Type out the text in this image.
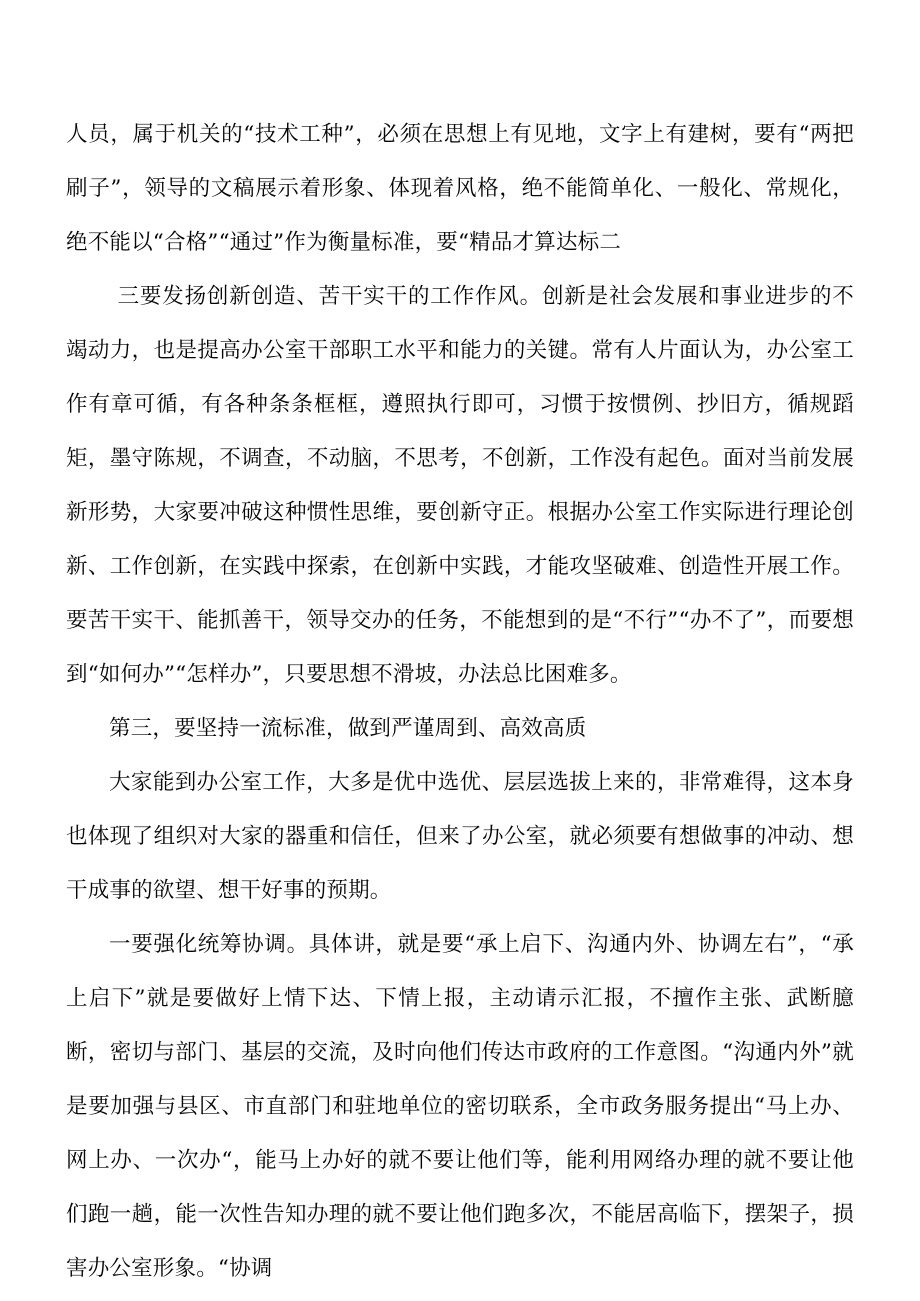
人员，属于机关的“技术工种”，必须在思想上有见地，文字上有建树，要有“两把刷子”，领导的文稿展示着形象、体现着风格，绝不能简单化、一般化、常规化，绝不能以“合格”“通过”作为衡量标准，要“精品才算达标二

三要发扬创新创造、苦干实干的工作作风。创新是社会发展和事业进步的不竭动力，也是提高办公室干部职工水平和能力的关键。常有人片面认为，办公室工作有章可循，有各种条条框框，遵照执行即可，习惯于按惯例、抄旧方，循规蹈矩，墨守陈规，不调查，不动脑，不思考，不创新，工作没有起色。面对当前发展新形势，大家要冲破这种惯性思维，要创新守正。根据办公室工作实际进行理论创新、工作创新，在实践中探索，在创新中实践，才能攻坚破难、创造性开展工作。要苦干实干、能抓善干，领导交办的任务，不能想到的是“不行”“办不了”，而要想到“如何办”“怎样办”，只要思想不滑坡，办法总比困难多。

第三，要坚持一流标准，做到严谨周到、高效高质

大家能到办公室工作，大多是优中选优、层层选拔上来的，非常难得，这本身也体现了组织对大家的器重和信任，但来了办公室，就必须要有想做事的冲动、想干成事的欲望、想干好事的预期。

一要强化统筹协调。具体讲，就是要“承上启下、沟通内外、协调左右”，“承上启下”就是要做好上情下达、下情上报，主动请示汇报，不擅作主张、武断臆断，密切与部门、基层的交流，及时向他们传达市政府的工作意图。“沟通内外”就是要加强与县区、市直部门和驻地单位的密切联系，全市政务服务提出“马上办、网上办、一次办“，能马上办好的就不要让他们等，能利用网络办理的就不要让他们跑一趟，能一次性告知办理的就不要让他们跑多次，不能居高临下，摆架子，损害办公室形象。“协调
